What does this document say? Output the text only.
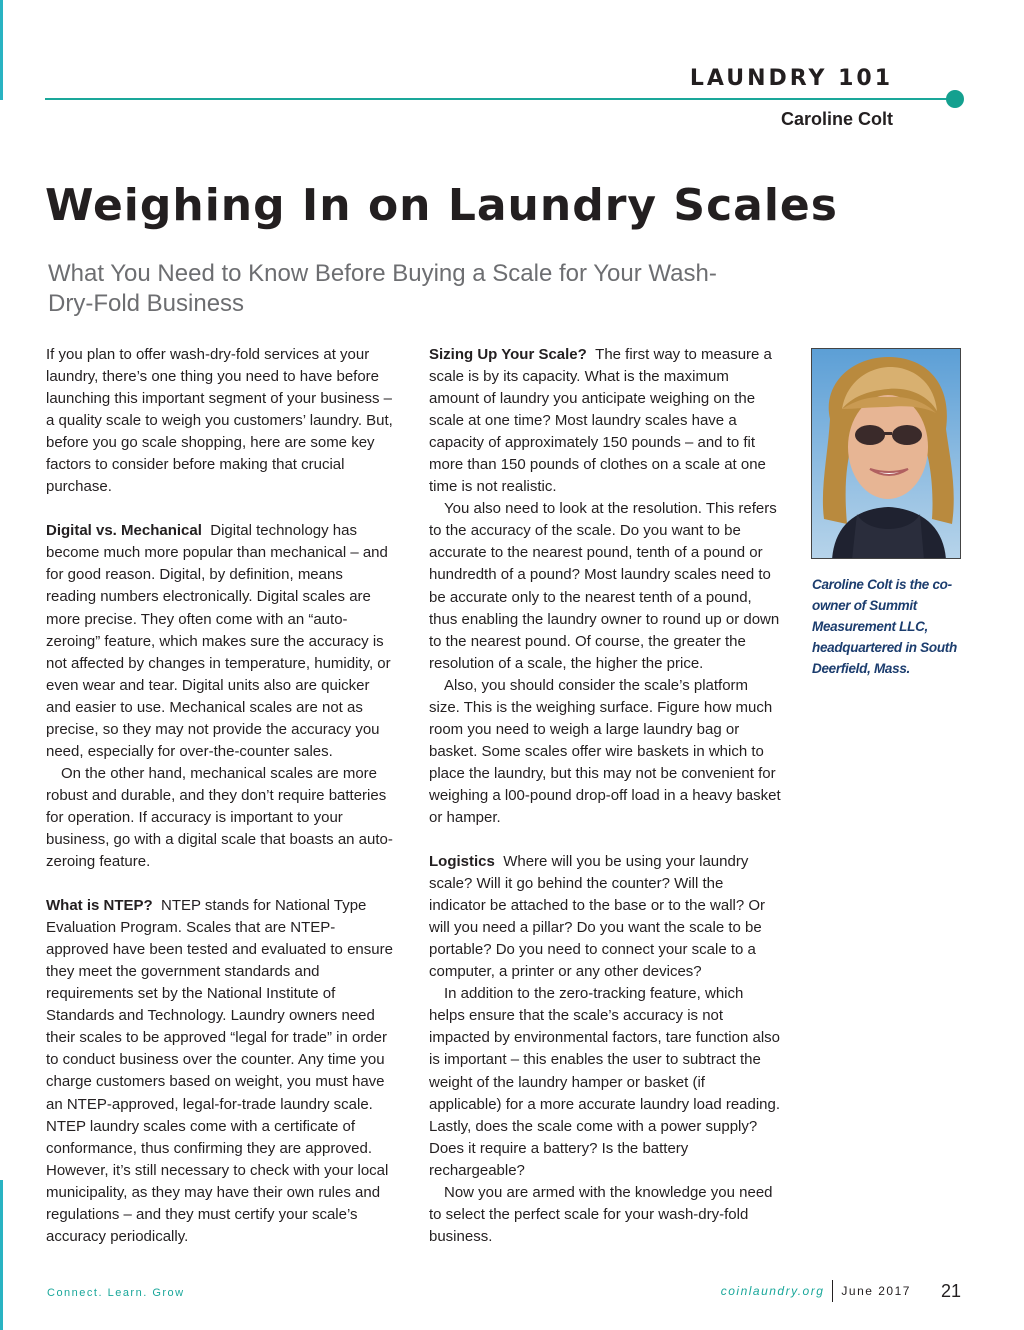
LAUNDRY 101
Caroline Colt
Weighing In on Laundry Scales
What You Need to Know Before Buying a Scale for Your Wash-Dry-Fold Business

If you plan to offer wash-dry-fold services at your laundry, there’s one thing you need to have before launching this important segment of your business – a quality scale to weigh you customers’ laundry. But, before you go scale shopping, here are some key factors to consider before making that crucial purchase.

Digital vs. Mechanical Digital technology has become much more popular than mechanical – and for good reason. Digital, by definition, means reading numbers electronically. Digital scales are more precise. They often come with an “auto-zeroing” feature, which makes sure the accuracy is not affected by changes in temperature, humidity, or even wear and tear. Digital units also are quicker and easier to use. Mechanical scales are not as precise, so they may not provide the accuracy you need, especially for over-the-counter sales.

On the other hand, mechanical scales are more robust and durable, and they don’t require batteries for operation. If accuracy is important to your business, go with a digital scale that boasts an auto-zeroing feature.

What is NTEP? NTEP stands for National Type Evaluation Program. Scales that are NTEP-approved have been tested and evaluated to ensure they meet the government standards and requirements set by the National Institute of Standards and Technology. Laundry owners need their scales to be approved “legal for trade” in order to conduct business over the counter. Any time you charge customers based on weight, you must have an NTEP-approved, legal-for-trade laundry scale. NTEP laundry scales come with a certificate of conformance, thus confirming they are approved. However, it’s still necessary to check with your local municipality, as they may have their own rules and regulations – and they must certify your scale’s accuracy periodically.

Sizing Up Your Scale? The first way to measure a scale is by its capacity. What is the maximum amount of laundry you anticipate weighing on the scale at one time? Most laundry scales have a capacity of approximately 150 pounds – and to fit more than 150 pounds of clothes on a scale at one time is not realistic.

You also need to look at the resolution. This refers to the accuracy of the scale. Do you want to be accurate to the nearest pound, tenth of a pound or hundredth of a pound? Most laundry scales need to be accurate only to the nearest tenth of a pound, thus enabling the laundry owner to round up or down to the nearest pound. Of course, the greater the resolution of a scale, the higher the price.

Also, you should consider the scale’s platform size. This is the weighing surface. Figure how much room you need to weigh a large laundry bag or basket. Some scales offer wire baskets in which to place the laundry, but this may not be convenient for weighing a l00-pound drop-off load in a heavy basket or hamper.

Logistics Where will you be using your laundry scale? Will it go behind the counter? Will the indicator be attached to the base or to the wall? Or will you need a pillar? Do you want the scale to be portable? Do you need to connect your scale to a computer, a printer or any other devices?

In addition to the zero-tracking feature, which helps ensure that the scale’s accuracy is not impacted by environmental factors, tare function also is important – this enables the user to subtract the weight of the laundry hamper or basket (if applicable) for a more accurate laundry load reading. Lastly, does the scale come with a power supply? Does it require a battery? Is the battery rechargeable?

Now you are armed with the knowledge you need to select the perfect scale for your wash-dry-fold business.

Caroline Colt is the co-owner of Summit Measurement LLC, headquartered in South Deerfield, Mass.

Connect. Learn. Grow	coinlaundry.org June 2017 21
